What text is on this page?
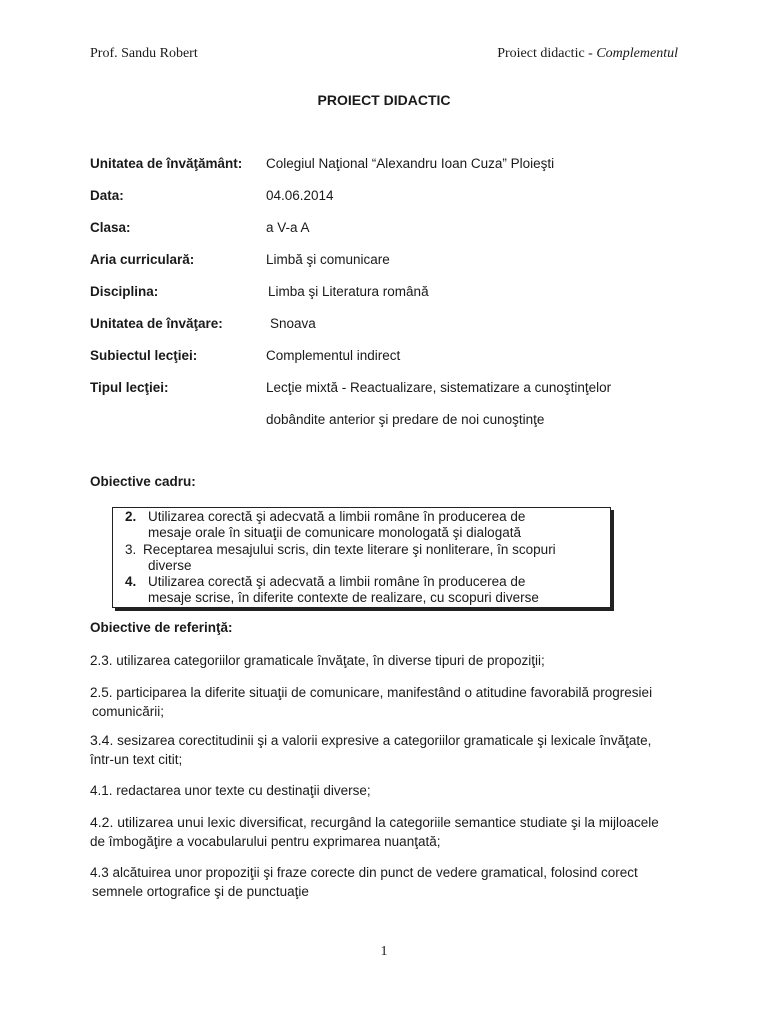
Prof. Sandu Robert	Proiect didactic - Complementul
PROIECT DIDACTIC
Unitatea de învăţământ: Colegiul Naţional “Alexandru Ioan Cuza” Ploieşti
Data:	04.06.2014
Clasa:	a V-a A
Aria curriculară:	Limbă şi comunicare
Disciplina:	Limba şi Literatura română
Unitatea de învăţare:	Snoava
Subiectul lecţiei:	Complementul indirect
Tipul lecţiei:	Lecţie mixtă - Reactualizare, sistematizare a cunoştinţelor
dobândite anterior şi predare de noi cunoştinţe
Obiective cadru:
2. Utilizarea corectă şi adecvată a limbii române în producerea de
mesaje orale în situaţii de comunicare monologată şi dialogată
3. Receptarea mesajului scris, din texte literare şi nonliterare, în scopuri
diverse
4. Utilizarea corectă şi adecvată a limbii române în producerea de
mesaje scrise, în diferite contexte de realizare, cu scopuri diverse
Obiective de referinţă:
2.3. utilizarea categoriilor gramaticale învăţate, în diverse tipuri de propoziţii;
2.5. participarea la diferite situaţii de comunicare, manifestând o atitudine favorabilă progresiei
comunicării;
3.4. sesizarea corectitudinii şi a valorii expresive a categoriilor gramaticale şi lexicale învăţate,
într-un text citit;
4.1. redactarea unor texte cu destinaţii diverse;
4.2. utilizarea unui lexic diversificat, recurgând la categoriile semantice studiate şi la mijloacele
de îmbogăţire a vocabularului pentru exprimarea nuanţată;
4.3 alcătuirea unor propoziţii şi fraze corecte din punct de vedere gramatical, folosind corect
semnele ortografice şi de punctuaţie
1
